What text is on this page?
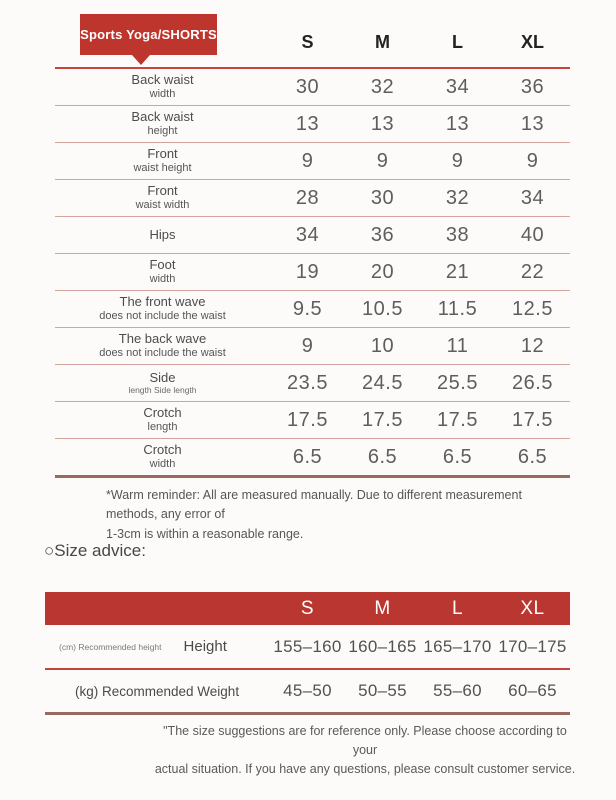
Sports Yoga/SHORTS	S	M	L	XL
Back waist
width	30	32	34	36
Back waist
height	13	13	13	13
Front
waist height	9	9	9	9
Front
waist width	28	30	32	34
Hips	34	36	38	40
Foot
width	19	20	21	22
The front wave
does not include the waist	9.5	10.5	11.5	12.5
The back wave
does not include the waist	9	10	11	12
Side
length Side length	23.5	24.5	25.5	26.5
Crotch
length	17.5	17.5	17.5	17.5
Crotch
width	6.5	6.5	6.5	6.5
*Warm reminder: All are measured manually. Due to different measurement methods, any error of
1-3cm is within a reasonable range.
○Size advice:
S	M	L	XL
(cm) Recommended height Height	155–160 160–165 165–170 170–175
(kg) Recommended Weight	45–50	50–55	55–60	60–65
"The size suggestions are for reference only. Please choose according to your
actual situation. If you have any questions, please consult customer service.
